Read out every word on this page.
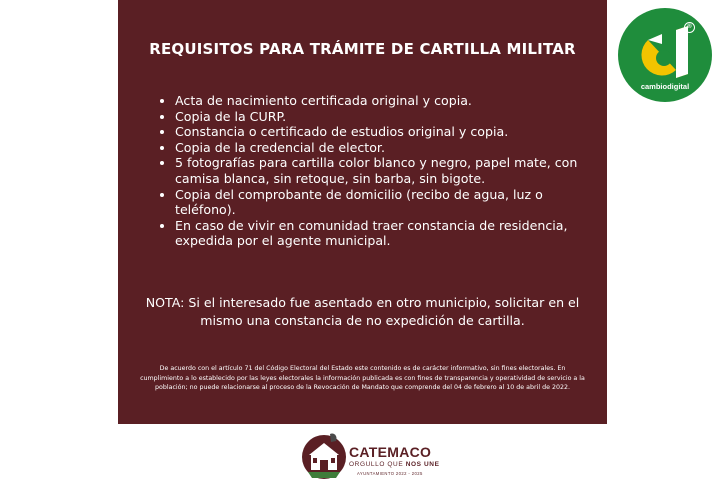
REQUISITOS PARA TRÁMITE DE CARTILLA MILITAR
• Acta de nacimiento certificada original y copia.
• Copia de la CURP.
• Constancia o certificado de estudios original y copia.
• Copia de la credencial de elector.
• 5 fotografías para cartilla color blanco y negro, papel mate, con camisa blanca, sin retoque, sin barba, sin bigote.
• Copia del comprobante de domicilio (recibo de agua, luz o teléfono).
• En caso de vivir en comunidad traer constancia de residencia, expedida por el agente municipal.
NOTA: Si el interesado fue asentado en otro municipio, solicitar en el mismo una constancia de no expedición de cartilla.
De acuerdo con el artículo 71 del Código Electoral del Estado este contenido es de carácter informativo, sin fines electorales. En cumplimiento a lo establecido por las leyes electorales la información publicada es con fines de transparencia y operatividad de servicio a la población; no puede relacionarse al proceso de la Revocación de Mandato que comprende del 04 de febrero al 10 de abril de 2022.
cambiodigital
®
CATEMACO
ORGULLO QUE NOS UNE
AYUNTAMIENTO 2022 - 2025
